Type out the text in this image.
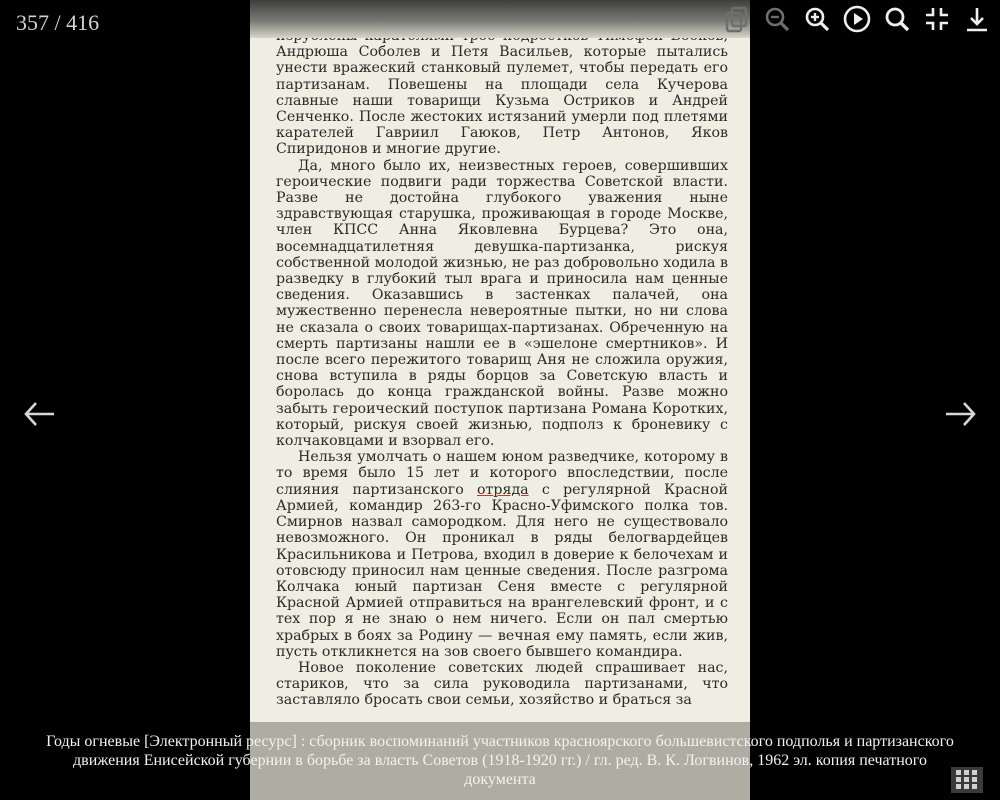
Андрюша Соболев и Петя Васильев, которые пытались унести вражеский станковый пулемет, чтобы передать его партизанам. Повешены на площади села Кучерова славные наши товарищи Кузьма Остриков и Андрей Сенченко. После жестоких истязаний умерли под плетями карателей Гавриил Гаюков, Петр Антонов, Яков Спиридонов и многие другие.

Да, много было их, неизвестных героев, совершивших героические подвиги ради торжества Советской власти. Разве не достойна глубокого уважения ныне здравствующая старушка, проживающая в городе Москве, член КПСС Анна Яковлевна Бурцева? Это она, восемнадцатилетняя девушка-партизанка, рискуя собственной молодой жизнью, не раз добровольно ходила в разведку в глубокий тыл врага и приносила нам ценные сведения. Оказавшись в застенках палачей, она мужественно перенесла невероятные пытки, но ни слова не сказала о своих товарищах-партизанах. Обреченную на смерть партизаны нашли ее в «эшелоне смертников». И после всего пережитого товарищ Аня не сложила оружия, снова вступила в ряды борцов за Советскую власть и боролась до конца гражданской войны. Разве можно забыть героический поступок партизана Романа Коротких, который, рискуя своей жизнью, подполз к броневику с колчаковцами и взорвал его.

Нельзя умолчать о нашем юном разведчике, которому в то время было 15 лет и которого впоследствии, после слияния партизанского отряда с регулярной Красной Армией, командир 263-го Красно-Уфимского полка тов. Смирнов назвал самородком. Для него не существовало невозможного. Он проникал в ряды белогвардейцев Красильникова и Петрова, входил в доверие к белочехам и отовсюду приносил нам ценные сведения. После разгрома Колчака юный партизан Сеня вместе с регулярной Красной Армией отправиться на врангелевский фронт, и с тех пор я не знаю о нем ничего. Если он пал смертью храбрых в боях за Родину — вечная ему память, если жив, пусть откликнется на зов своего бывшего командира.

Новое поколение советских людей спрашивает нас, стариков, что за сила руководила партизанами, что заставляло бросать свои семьи, хозяйство и браться за

357 / 416
Годы огневые [Электронный ресурс] : сборник воспоминаний участников красноярского большевистского подполья и партизанского движения Енисейской губернии в борьбе за власть Советов (1918-1920 гг.) / гл. ред. В. К. Логвинов, 1962 эл. копия печатного документа
